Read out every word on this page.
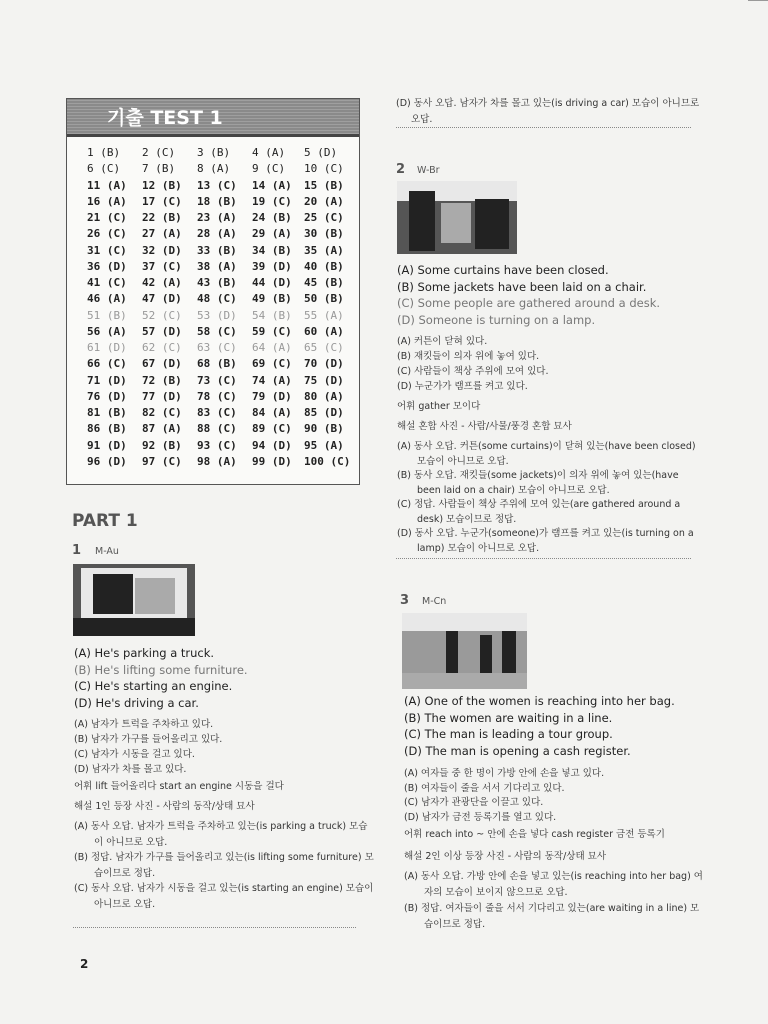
기출 TEST 1
1 (B) 2 (C) 3 (B) 4 (A) 5 (D)
6 (C) 7 (B) 8 (A) 9 (C) 10 (C)
11 (A) 12 (B) 13 (C) 14 (A) 15 (B)
16 (A) 17 (C) 18 (B) 19 (C) 20 (A)
21 (C) 22 (B) 23 (A) 24 (B) 25 (C)
26 (C) 27 (A) 28 (A) 29 (A) 30 (B)
31 (C) 32 (D) 33 (B) 34 (B) 35 (A)
36 (D) 37 (C) 38 (A) 39 (D) 40 (B)
41 (C) 42 (A) 43 (B) 44 (D) 45 (B)
46 (A) 47 (D) 48 (C) 49 (B) 50 (B)
51 (B) 52 (C) 53 (D) 54 (B) 55 (A)
56 (A) 57 (D) 58 (C) 59 (C) 60 (A)
61 (D) 62 (C) 63 (C) 64 (A) 65 (C)
66 (C) 67 (D) 68 (B) 69 (C) 70 (D)
71 (D) 72 (B) 73 (C) 74 (A) 75 (D)
76 (D) 77 (D) 78 (C) 79 (D) 80 (A)
81 (B) 82 (C) 83 (C) 84 (A) 85 (D)
86 (B) 87 (A) 88 (C) 89 (C) 90 (B)
91 (D) 92 (B) 93 (C) 94 (D) 95 (A)
96 (D) 97 (C) 98 (A) 99 (D) 100 (C)
PART 1
1 M-Au
(A) He's parking a truck.
(B) He's lifting some furniture.
(C) He's starting an engine.
(D) He's driving a car.
(A) 남자가 트럭을 주차하고 있다.
(B) 남자가 가구를 들어올리고 있다.
(C) 남자가 시동을 걸고 있다.
(D) 남자가 차를 몰고 있다.
어휘 lift 들어올리다 start an engine 시동을 걸다
해설 1인 등장 사진 - 사람의 동작/상태 묘사
(A) 동사 오답. 남자가 트럭을 주차하고 있는(is parking a truck) 모습
이 아니므로 오답.
(B) 정답. 남자가 가구를 들어올리고 있는(is lifting some furniture) 모
습이므로 정답.
(C) 동사 오답. 남자가 시동을 걸고 있는(is starting an engine) 모습이
아니므로 오답.
(D) 동사 오답. 남자가 차를 몰고 있는(is driving a car) 모습이 아니므로
오답.
2 W-Br
(A) Some curtains have been closed.
(B) Some jackets have been laid on a chair.
(C) Some people are gathered around a desk.
(D) Someone is turning on a lamp.
(A) 커튼이 닫혀 있다.
(B) 재킷들이 의자 위에 놓여 있다.
(C) 사람들이 책상 주위에 모여 있다.
(D) 누군가가 램프를 켜고 있다.
어휘 gather 모이다
해설 혼합 사진 - 사람/사물/풍경 혼합 묘사
(A) 동사 오답. 커튼(some curtains)이 닫혀 있는(have been closed)
모습이 아니므로 오답.
(B) 동사 오답. 재킷들(some jackets)이 의자 위에 놓여 있는(have
been laid on a chair) 모습이 아니므로 오답.
(C) 정답. 사람들이 책상 주위에 모여 있는(are gathered around a
desk) 모습이므로 정답.
(D) 동사 오답. 누군가(someone)가 램프를 켜고 있는(is turning on a
lamp) 모습이 아니므로 오답.
3 M-Cn
(A) One of the women is reaching into her bag.
(B) The women are waiting in a line.
(C) The man is leading a tour group.
(D) The man is opening a cash register.
(A) 여자들 중 한 명이 가방 안에 손을 넣고 있다.
(B) 여자들이 줄을 서서 기다리고 있다.
(C) 남자가 관광단을 이끌고 있다.
(D) 남자가 금전 등록기를 열고 있다.
어휘 reach into ~ 안에 손을 넣다 cash register 금전 등록기
해설 2인 이상 등장 사진 - 사람의 동작/상태 묘사
(A) 동사 오답. 가방 안에 손을 넣고 있는(is reaching into her bag) 여
자의 모습이 보이지 않으므로 오답.
(B) 정답. 여자들이 줄을 서서 기다리고 있는(are waiting in a line) 모
습이므로 정답.
2
